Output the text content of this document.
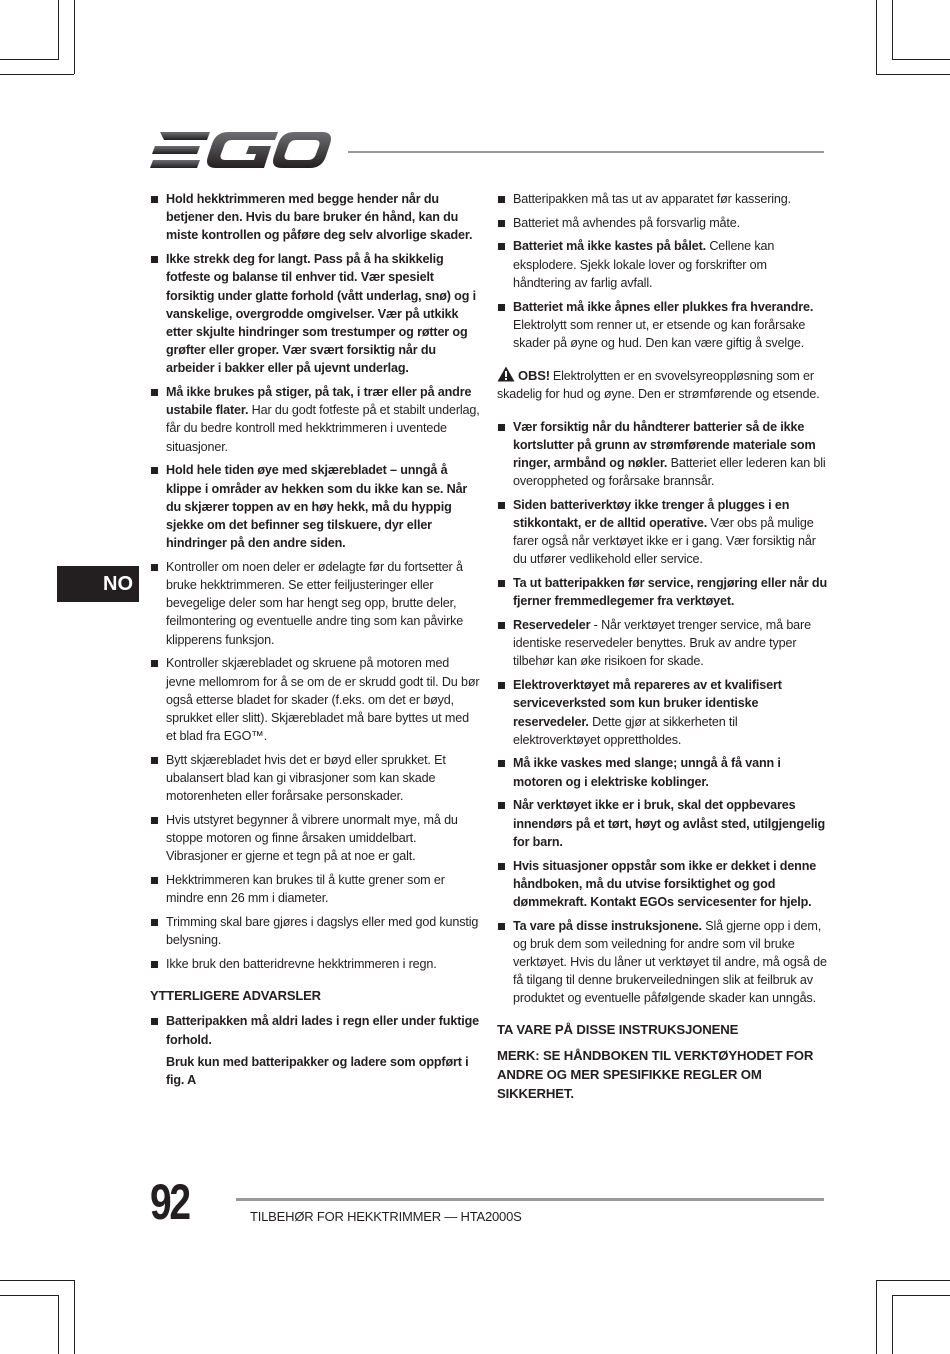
NO
Hold hekktrimmeren med begge hender når du betjener den. Hvis du bare bruker én hånd, kan du miste kontrollen og påføre deg selv alvorlige skader.
Ikke strekk deg for langt. Pass på å ha skikkelig fotfeste og balanse til enhver tid. Vær spesielt forsiktig under glatte forhold (vått underlag, snø) og i vanskelige, overgrodde omgivelser. Vær på utkikk etter skjulte hindringer som trestumper og røtter og grøfter eller groper. Vær svært forsiktig når du arbeider i bakker eller på ujevnt underlag.
Må ikke brukes på stiger, på tak, i trær eller på andre ustabile flater. Har du godt fotfeste på et stabilt underlag, får du bedre kontroll med hekktrimmeren i uventede situasjoner.
Hold hele tiden øye med skjærebladet – unngå å klippe i områder av hekken som du ikke kan se. Når du skjærer toppen av en høy hekk, må du hyppig sjekke om det befinner seg tilskuere, dyr eller hindringer på den andre siden.
Kontroller om noen deler er ødelagte før du fortsetter å bruke hekktrimmeren. Se etter feiljusteringer eller bevegelige deler som har hengt seg opp, brutte deler, feilmontering og eventuelle andre ting som kan påvirke klipperens funksjon.
Kontroller skjærebladet og skruene på motoren med jevne mellomrom for å se om de er skrudd godt til. Du bør også etterse bladet for skader (f.eks. om det er bøyd, sprukket eller slitt). Skjærebladet må bare byttes ut med et blad fra EGO™.
Bytt skjærebladet hvis det er bøyd eller sprukket. Et ubalansert blad kan gi vibrasjoner som kan skade motorenheten eller forårsake personskader.
Hvis utstyret begynner å vibrere unormalt mye, må du stoppe motoren og finne årsaken umiddelbart. Vibrasjoner er gjerne et tegn på at noe er galt.
Hekktrimmeren kan brukes til å kutte grener som er mindre enn 26 mm i diameter.
Trimming skal bare gjøres i dagslys eller med god kunstig belysning.
Ikke bruk den batteridrevne hekktrimmeren i regn.
YTTERLIGERE ADVARSLER
Batteripakken må aldri lades i regn eller under fuktige forhold.
Bruk kun med batteripakker og ladere som oppført i fig. A
Batteripakken må tas ut av apparatet før kassering.
Batteriet må avhendes på forsvarlig måte.
Batteriet må ikke kastes på bålet. Cellene kan eksplodere. Sjekk lokale lover og forskrifter om håndtering av farlig avfall.
Batteriet må ikke åpnes eller plukkes fra hverandre. Elektrolytt som renner ut, er etsende og kan forårsake skader på øyne og hud. Den kan være giftig å svelge.
OBS! Elektrolytten er en svovelsyreoppløsning som er skadelig for hud og øyne. Den er strømførende og etsende.
Vær forsiktig når du håndterer batterier så de ikke kortslutter på grunn av strømførende materiale som ringer, armbånd og nøkler. Batteriet eller lederen kan bli overoppheted og forårsake brannsår.
Siden batteriverktøy ikke trenger å plugges i en stikkontakt, er de alltid operative. Vær obs på mulige farer også når verktøyet ikke er i gang. Vær forsiktig når du utfører vedlikehold eller service.
Ta ut batteripakken før service, rengjøring eller når du fjerner fremmedlegemer fra verktøyet.
Reservedeler - Når verktøyet trenger service, må bare identiske reservedeler benyttes. Bruk av andre typer tilbehør kan øke risikoen for skade.
Elektroverktøyet må repareres av et kvalifisert serviceverksted som kun bruker identiske reservedeler. Dette gjør at sikkerheten til elektroverktøyet opprettholdes.
Må ikke vaskes med slange; unngå å få vann i motoren og i elektriske koblinger.
Når verktøyet ikke er i bruk, skal det oppbevares innendørs på et tørt, høyt og avlåst sted, utilgjengelig for barn.
Hvis situasjoner oppstår som ikke er dekket i denne håndboken, må du utvise forsiktighet og god dømmekraft. Kontakt EGOs servicesenter for hjelp.
Ta vare på disse instruksjonene. Slå gjerne opp i dem, og bruk dem som veiledning for andre som vil bruke verktøyet. Hvis du låner ut verktøyet til andre, må også de få tilgang til denne brukerveiledningen slik at feilbruk av produktet og eventuelle påfølgende skader kan unngås.
TA VARE PÅ DISSE INSTRUKSJONENE
MERK: SE HÅNDBOKEN TIL VERKTØYHODET FOR ANDRE OG MER SPESIFIKKE REGLER OM SIKKERHET.
92	TILBEHØR FOR HEKKTRIMMER — HTA2000S
